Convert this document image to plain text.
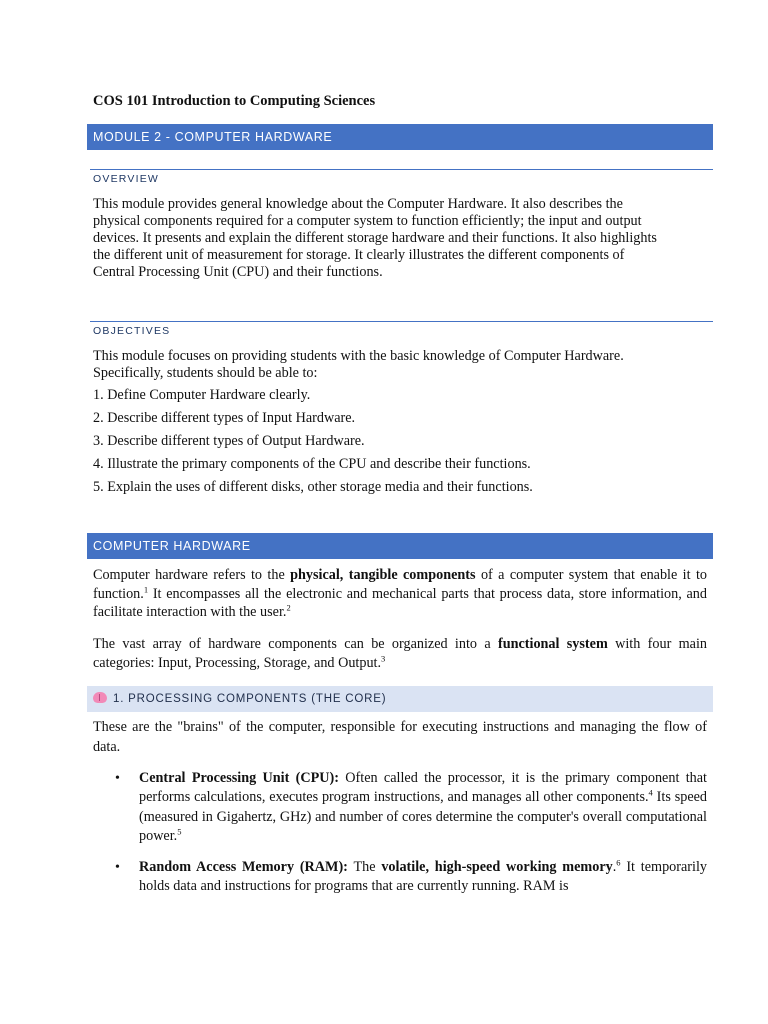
COS 101 Introduction to Computing Sciences
MODULE 2 - COMPUTER HARDWARE
OVERVIEW
This module provides general knowledge about the Computer Hardware. It also describes the
physical components required for a computer system to function efficiently; the input and output
devices. It presents and explain the different storage hardware and their functions. It also highlights
the different unit of measurement for storage. It clearly illustrates the different components of
Central Processing Unit (CPU) and their functions.
OBJECTIVES
This module focuses on providing students with the basic knowledge of Computer Hardware.
Specifically, students should be able to:
1. Define Computer Hardware clearly.
2. Describe different types of Input Hardware.
3. Describe different types of Output Hardware.
4. Illustrate the primary components of the CPU and describe their functions.
5. Explain the uses of different disks, other storage media and their functions.
COMPUTER HARDWARE
Computer hardware refers to the physical, tangible components of a computer system that enable it to function.$^1$ It encompasses all the electronic and mechanical parts that process data, store information, and facilitate interaction with the user.$^2$
The vast array of hardware components can be organized into a functional system with four main categories: Input, Processing, Storage, and Output.$^3$
1. PROCESSING COMPONENTS (THE CORE)
These are the "brains" of the computer, responsible for executing instructions and managing the flow of data.
• Central Processing Unit (CPU): Often called the processor, it is the primary component that performs calculations, executes program instructions, and manages all other components.$^4$ Its speed (measured in Gigahertz, GHz) and number of cores determine the computer's overall computational power.$^5$
• Random Access Memory (RAM): The volatile, high-speed working memory.$^6$ It temporarily holds data and instructions for programs that are currently running. RAM is
